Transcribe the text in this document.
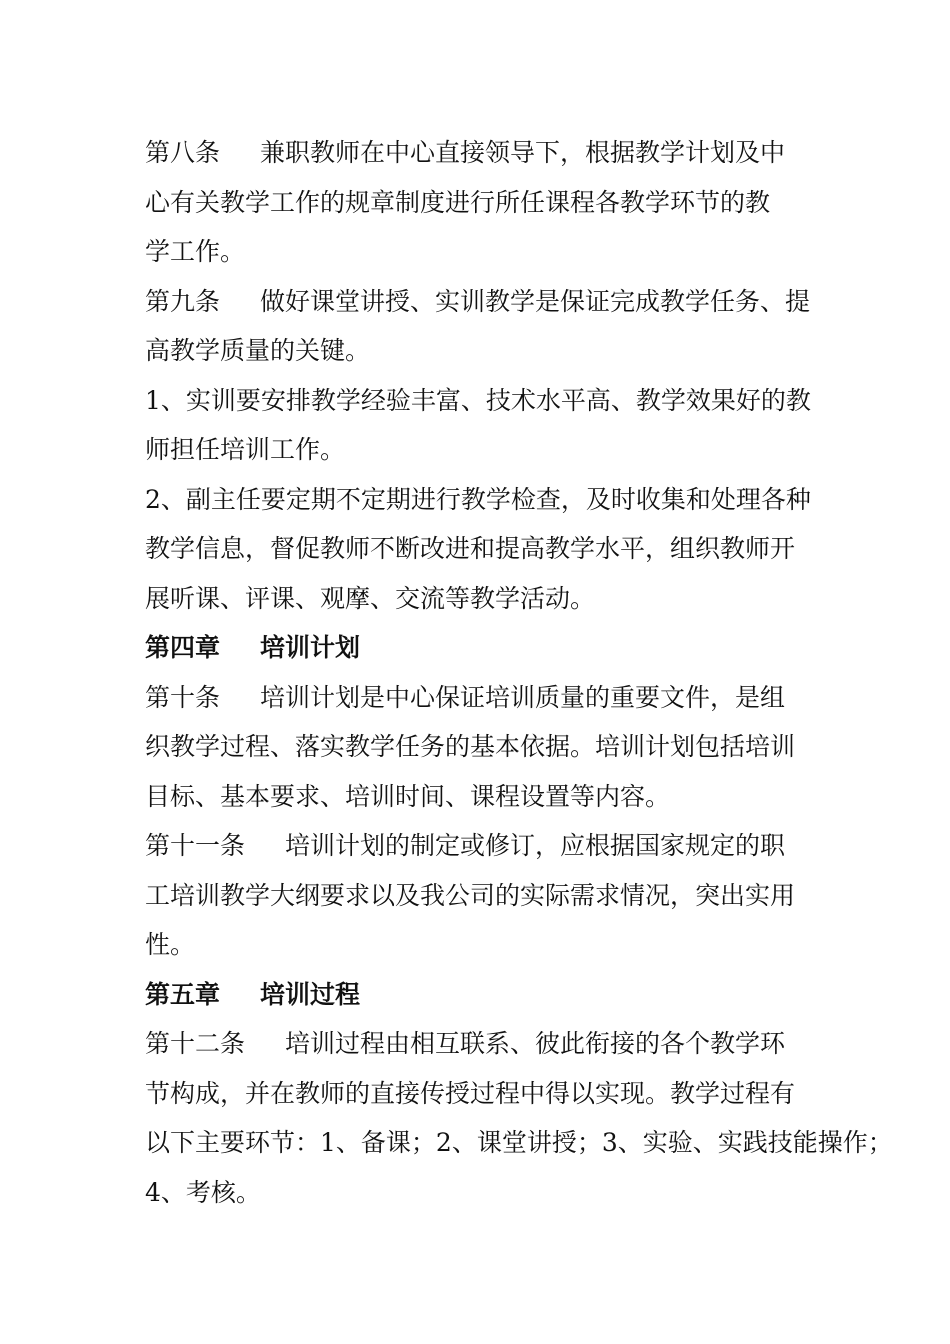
第八条 兼职教师在中心直接领导下，根据教学计划及中
心有关教学工作的规章制度进行所任课程各教学环节的教
学工作。

第九条 做好课堂讲授、实训教学是保证完成教学任务、提
高教学质量的关键。

1、实训要安排教学经验丰富、技术水平高、教学效果好的教
师担任培训工作。

2、副主任要定期不定期进行教学检查，及时收集和处理各种
教学信息，督促教师不断改进和提高教学水平，组织教师开
展听课、评课、观摩、交流等教学活动。

第四章 培训计划

第十条 培训计划是中心保证培训质量的重要文件，是组
织教学过程、落实教学任务的基本依据。培训计划包括培训
目标、基本要求、培训时间、课程设置等内容。

第十一条 培训计划的制定或修订，应根据国家规定的职
工培训教学大纲要求以及我公司的实际需求情况，突出实用
性。

第五章 培训过程

第十二条 培训过程由相互联系、彼此衔接的各个教学环
节构成，并在教师的直接传授过程中得以实现。教学过程有
以下主要环节：1、备课；2、课堂讲授；3、实验、实践技能操作；
4、考核。
